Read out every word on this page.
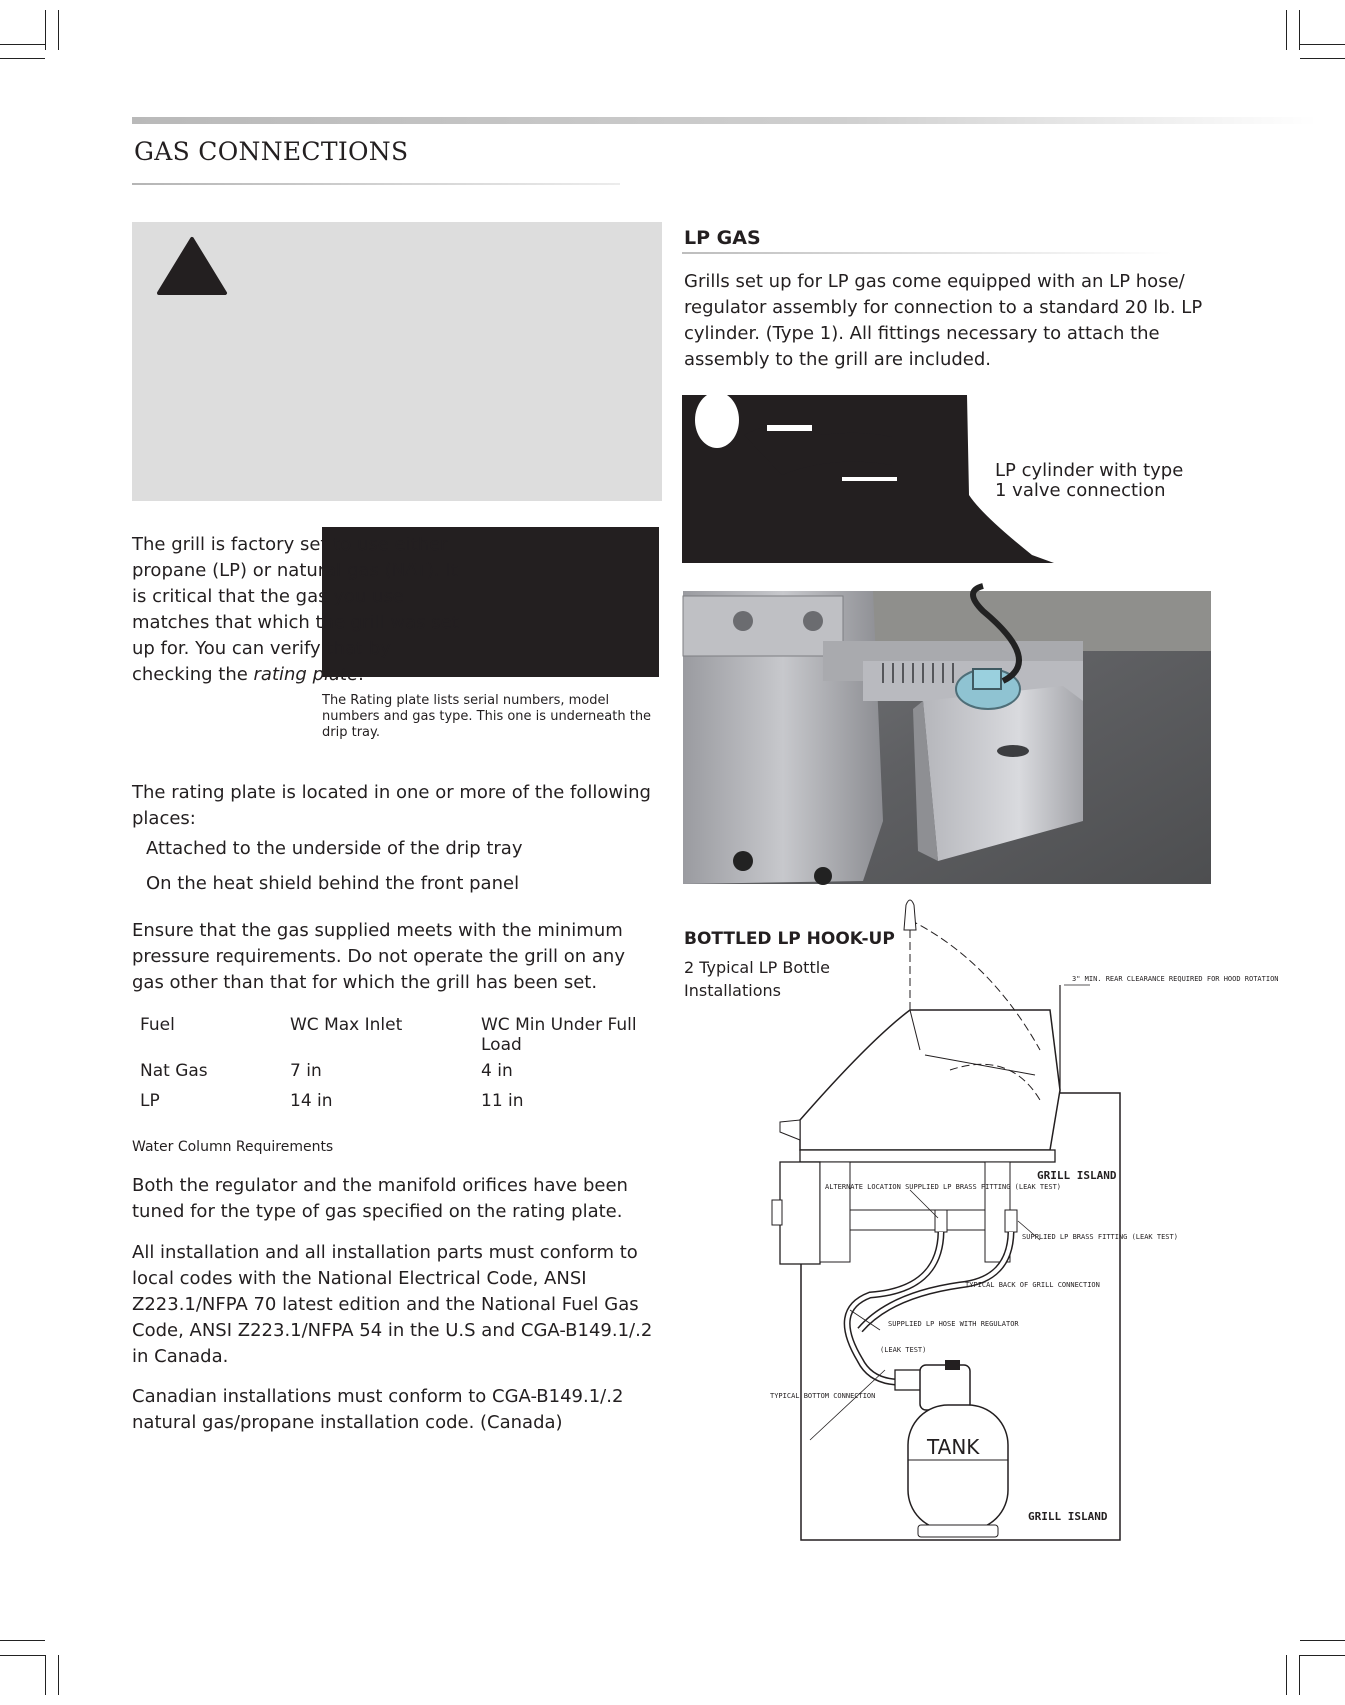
GAS CONNECTIONS
The Rating plate lists serial numbers, model numbers and gas type. This one is underneath the drip tray.
The grill is factory set to use either propane (LP) or natural gas (NAT). It is critical that the gas you use matches that which the grill was set up for. You can verify that by checking the rating plate.
The rating plate is located in one or more of the following places:
Attached to the underside of the drip tray
On the heat shield behind the front panel
Ensure that the gas supplied meets with the minimum pressure requirements. Do not operate the grill on any gas other than that for which the grill has been set.
Fuel	WC Max Inlet	WC Min Under Full Load
Nat Gas	7 in	4 in
LP	14 in	11 in
Water Column Requirements
Both the regulator and the manifold orifices have been tuned for the type of gas specified on the rating plate.
All installation and all installation parts must conform to local codes with the National Electrical Code, ANSI Z223.1/NFPA 70 latest edition and the National Fuel Gas Code, ANSI Z223.1/NFPA 54 in the U.S and CGA-B149.1/.2 in Canada.
Canadian installations must conform to CGA-B149.1/.2 natural gas/propane installation code. (Canada)
LP GAS
Grills set up for LP gas come equipped with an LP hose/ regulator assembly for connection to a standard 20 lb. LP cylinder. (Type 1). All fittings necessary to attach the assembly to the grill are included.
LP cylinder with type 1 valve connection
BOTTLED LP HOOK-UP
2 Typical LP Bottle Installations
3" MIN. REAR CLEARANCE REQUIRED FOR HOOD ROTATION
GRILL ISLAND
ALTERNATE LOCATION SUPPLIED LP BRASS FITTING (LEAK TEST)
SUPPLIED LP BRASS FITTING (LEAK TEST)
TYPICAL BACK OF GRILL CONNECTION
SUPPLIED LP HOSE WITH REGULATOR
(LEAK TEST)
TYPICAL BOTTOM CONNECTION
TANK
GRILL ISLAND
